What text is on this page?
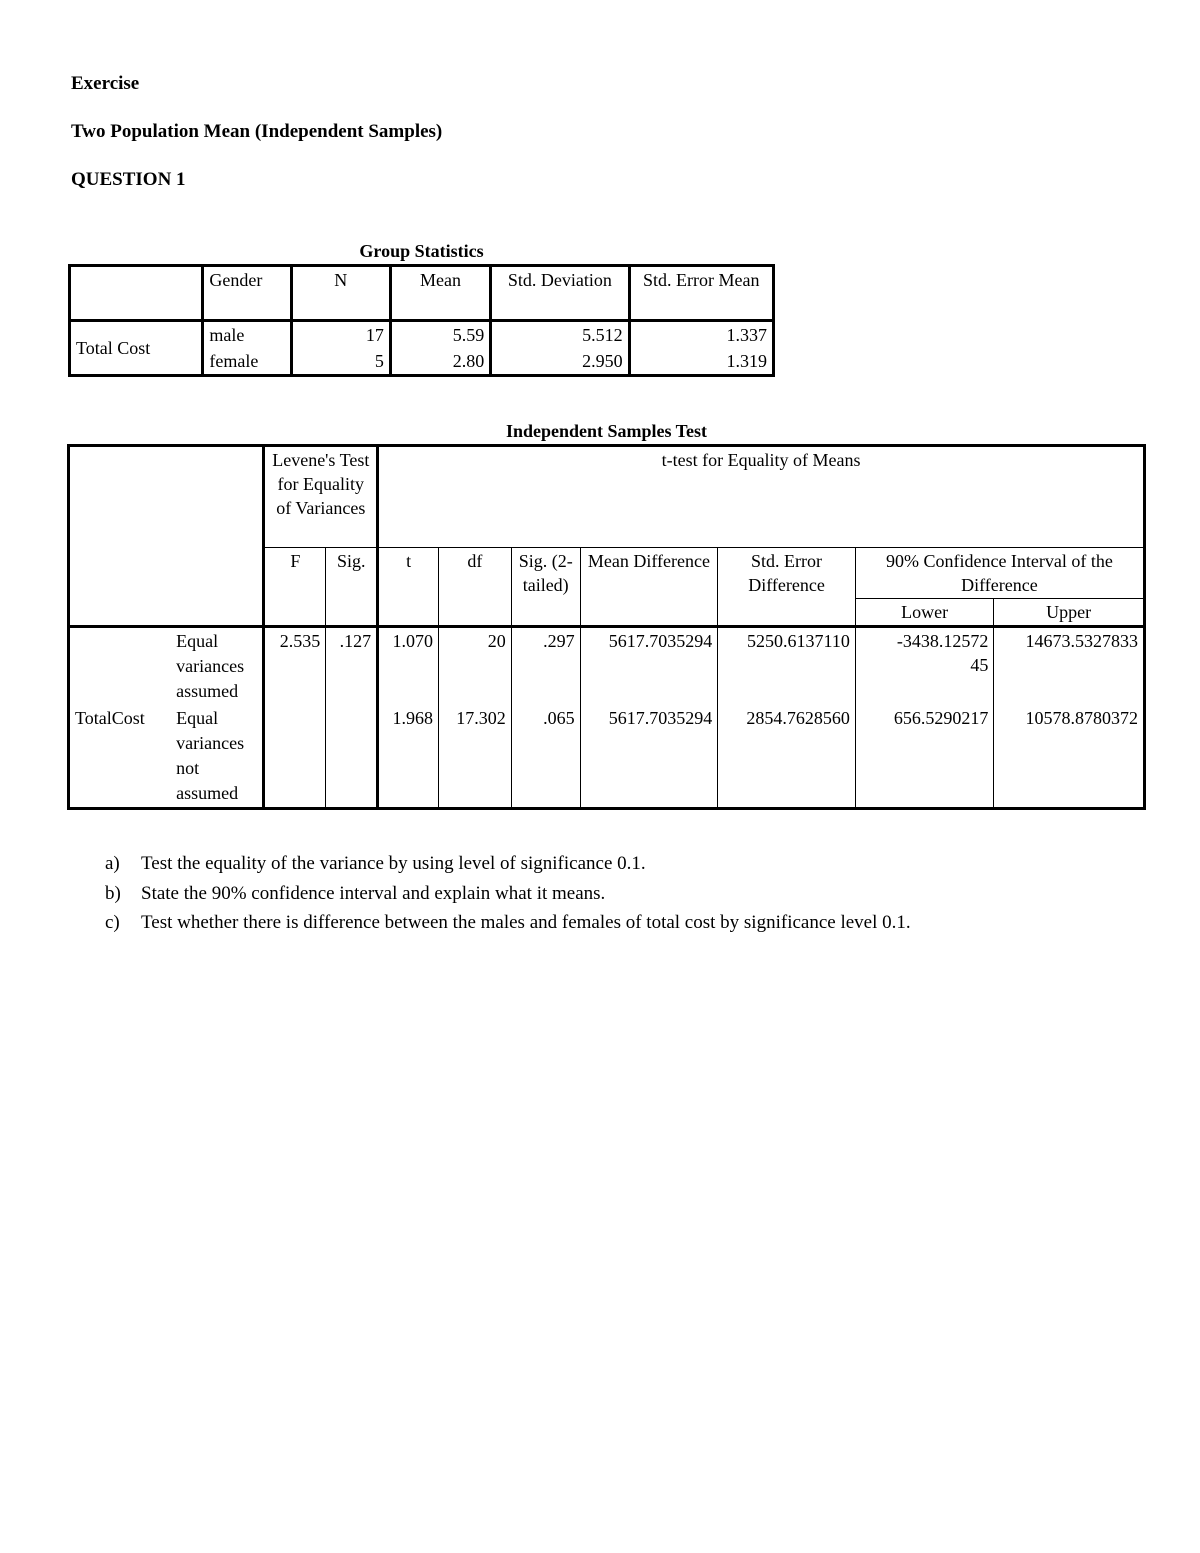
Exercise
Two Population Mean (Independent Samples)
QUESTION 1
Group Statistics
	Gender	N	Mean	Std. Deviation	Std. Error Mean
Total Cost	male	17	5.59	5.512	1.337
	female	5	2.80	2.950	1.319
Independent Samples Test
		Levene's Test for Equality of Variances		t-test for Equality of Means						
		F	Sig.	t	df	Sig. (2-tailed)	Mean Difference	Std. Error Difference	90% Confidence Interval of the Difference	
									Lower	Upper
TotalCost	Equal variances assumed	2.535	.127	1.070	20	.297	5617.7035294	5250.6137110	-3438.1257245	14673.5327833
	Equal variances not assumed			1.968	17.302	.065	5617.7035294	2854.7628560	656.5290217	10578.8780372
a)	Test the equality of the variance by using level of significance 0.1.
b)	State the 90% confidence interval and explain what it means.
c)	Test whether there is difference between the males and females of total cost by significance level 0.1.
